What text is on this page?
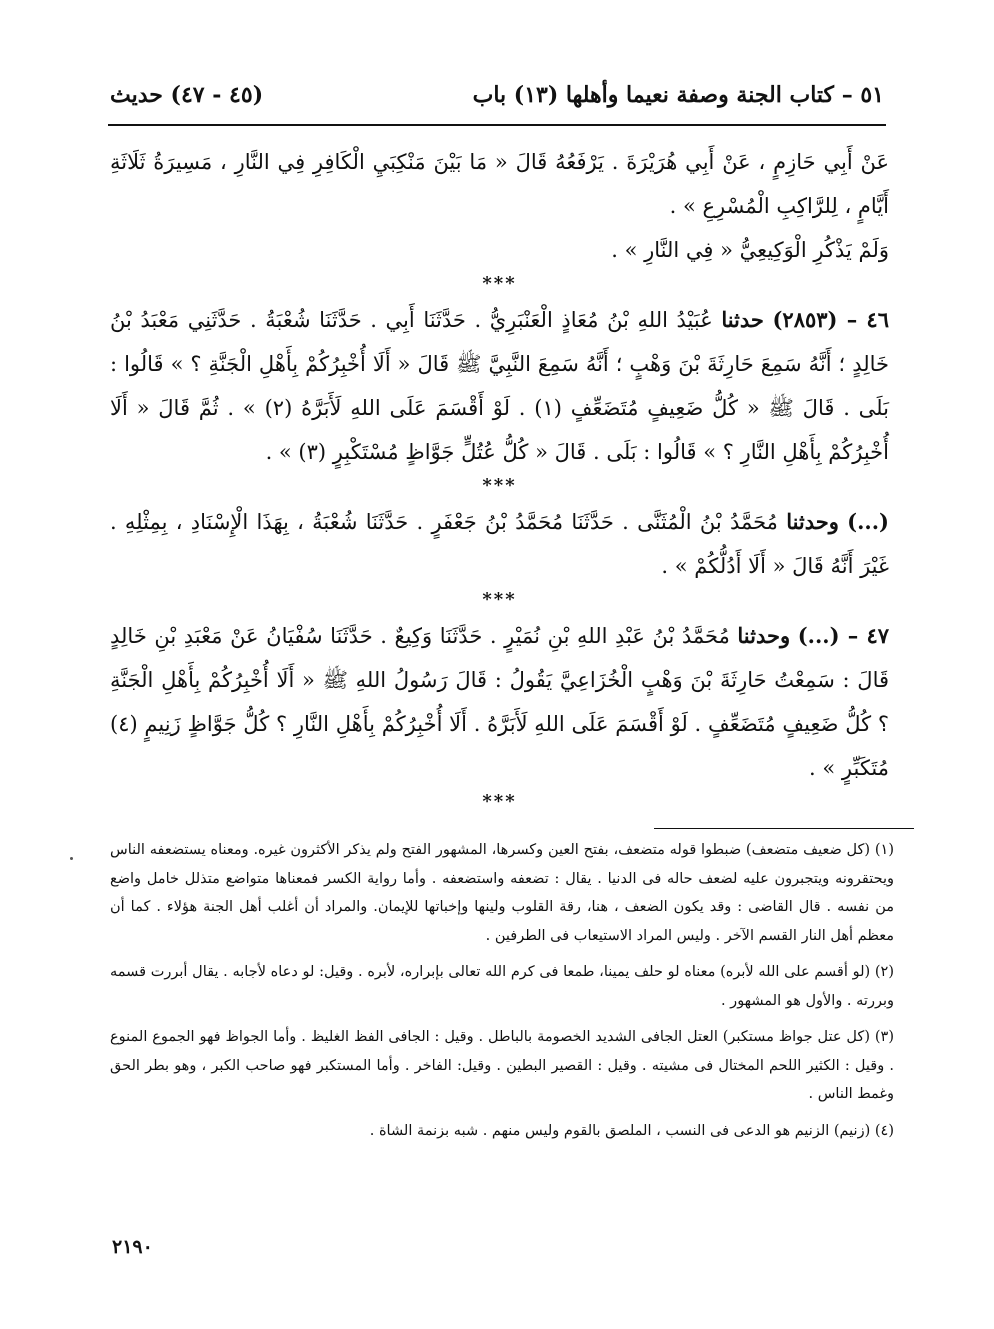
٥١ – كتاب الجنة وصفة نعيما وأهلها (١٣) باب
(٤٥ - ٤٧) حديث

عَنْ أَبِي حَازِمٍ ، عَنْ أَبِي هُرَيْرَةَ . يَرْفَعُهُ قَالَ « مَا بَيْنَ مَنْكِبَيِ الْكَافِرِ فِي النَّارِ ، مَسِيرَةُ ثَلَاثَةِ أَيَّامٍ ، لِلرَّاكِبِ الْمُسْرِعِ » .

وَلَمْ يَذْكُرِ الْوَكِيعِيُّ « فِي النَّارِ » .

***

٤٦ – (٢٨٥٣) حدثنا عُبَيْدُ اللهِ بْنُ مُعَاذٍ الْعَنْبَرِيُّ . حَدَّثَنَا أَبِي . حَدَّثَنَا شُعْبَةُ . حَدَّثَنِي مَعْبَدُ بْنُ خَالِدٍ ؛ أَنَّهُ سَمِعَ حَارِثَةَ بْنَ وَهْبٍ ؛ أَنَّهُ سَمِعَ النَّبِيَّ ﷺ قَالَ « أَلَا أُخْبِرُكُمْ بِأَهْلِ الْجَنَّةِ ؟ » قَالُوا : بَلَى . قَالَ ﷺ « كُلُّ ضَعِيفٍ مُتَضَعِّفٍ (١) . لَوْ أَقْسَمَ عَلَى اللهِ لَأَبَرَّهُ (٢) » . ثُمَّ قَالَ « أَلَا أُخْبِرُكُمْ بِأَهْلِ النَّارِ ؟ » قَالُوا : بَلَى . قَالَ « كُلُّ عُتُلٍّ جَوَّاظٍ مُسْتَكْبِرٍ (٣) » .

***

(...) وحدثنا مُحَمَّدُ بْنُ الْمُثَنَّى . حَدَّثَنَا مُحَمَّدُ بْنُ جَعْفَرٍ . حَدَّثَنَا شُعْبَةُ ، بِهَذَا الْإِسْنَادِ ، بِمِثْلِهِ . غَيْرَ أَنَّهُ قَالَ « أَلَا أَدُلُّكُمْ » .

***

٤٧ – (...) وحدثنا مُحَمَّدُ بْنُ عَبْدِ اللهِ بْنِ نُمَيْرٍ . حَدَّثَنَا وَكِيعٌ . حَدَّثَنَا سُفْيَانُ عَنْ مَعْبَدِ بْنِ خَالِدٍ قَالَ : سَمِعْتُ حَارِثَةَ بْنَ وَهْبٍ الْخُزَاعِيَّ يَقُولُ : قَالَ رَسُولُ اللهِ ﷺ « أَلَا أُخْبِرُكُمْ بِأَهْلِ الْجَنَّةِ ؟ كُلُّ ضَعِيفٍ مُتَضَعِّفٍ . لَوْ أَقْسَمَ عَلَى اللهِ لَأَبَرَّهُ . أَلَا أُخْبِرُكُمْ بِأَهْلِ النَّارِ ؟ كُلُّ جَوَّاظٍ زَنِيمٍ (٤) مُتَكَبِّرٍ » .

***

(١) (كل ضعيف متضعف) ضبطوا قوله متضعف، بفتح العين وكسرها، المشهور الفتح ولم يذكر الأكثرون غيره. ومعناه يستضعفه الناس ويحتقرونه ويتجبرون عليه لضعف حاله فى الدنيا . يقال : تضعفه واستضعفه . وأما رواية الكسر فمعناها متواضع متذلل خامل واضع من نفسه . قال القاضى : وقد يكون الضعف ، هنا، رقة القلوب ولينها وإخباتها للإيمان. والمراد أن أغلب أهل الجنة هؤلاء . كما أن معظم أهل النار القسم الآخر . وليس المراد الاستيعاب فى الطرفين .

(٢) (لو أقسم على الله لأبره) معناه لو حلف يمينا، طمعا فى كرم الله تعالى بإبراره، لأبره . وقيل: لو دعاه لأجابه . يقال أبررت قسمه وبررته . والأول هو المشهور .

(٣) (كل عتل جواظ مستكبر) العتل الجافى الشديد الخصومة بالباطل . وقيل : الجافى الفظ الغليظ . وأما الجواظ فهو الجموع المنوع . وقيل : الكثير اللحم المختال فى مشيته . وقيل : القصير البطين . وقيل: الفاخر . وأما المستكبر فهو صاحب الكبر ، وهو بطر الحق وغمط الناس .

(٤) (زنيم) الزنيم هو الدعى فى النسب ، الملصق بالقوم وليس منهم . شبه بزنمة الشاة .

٢١٩٠
